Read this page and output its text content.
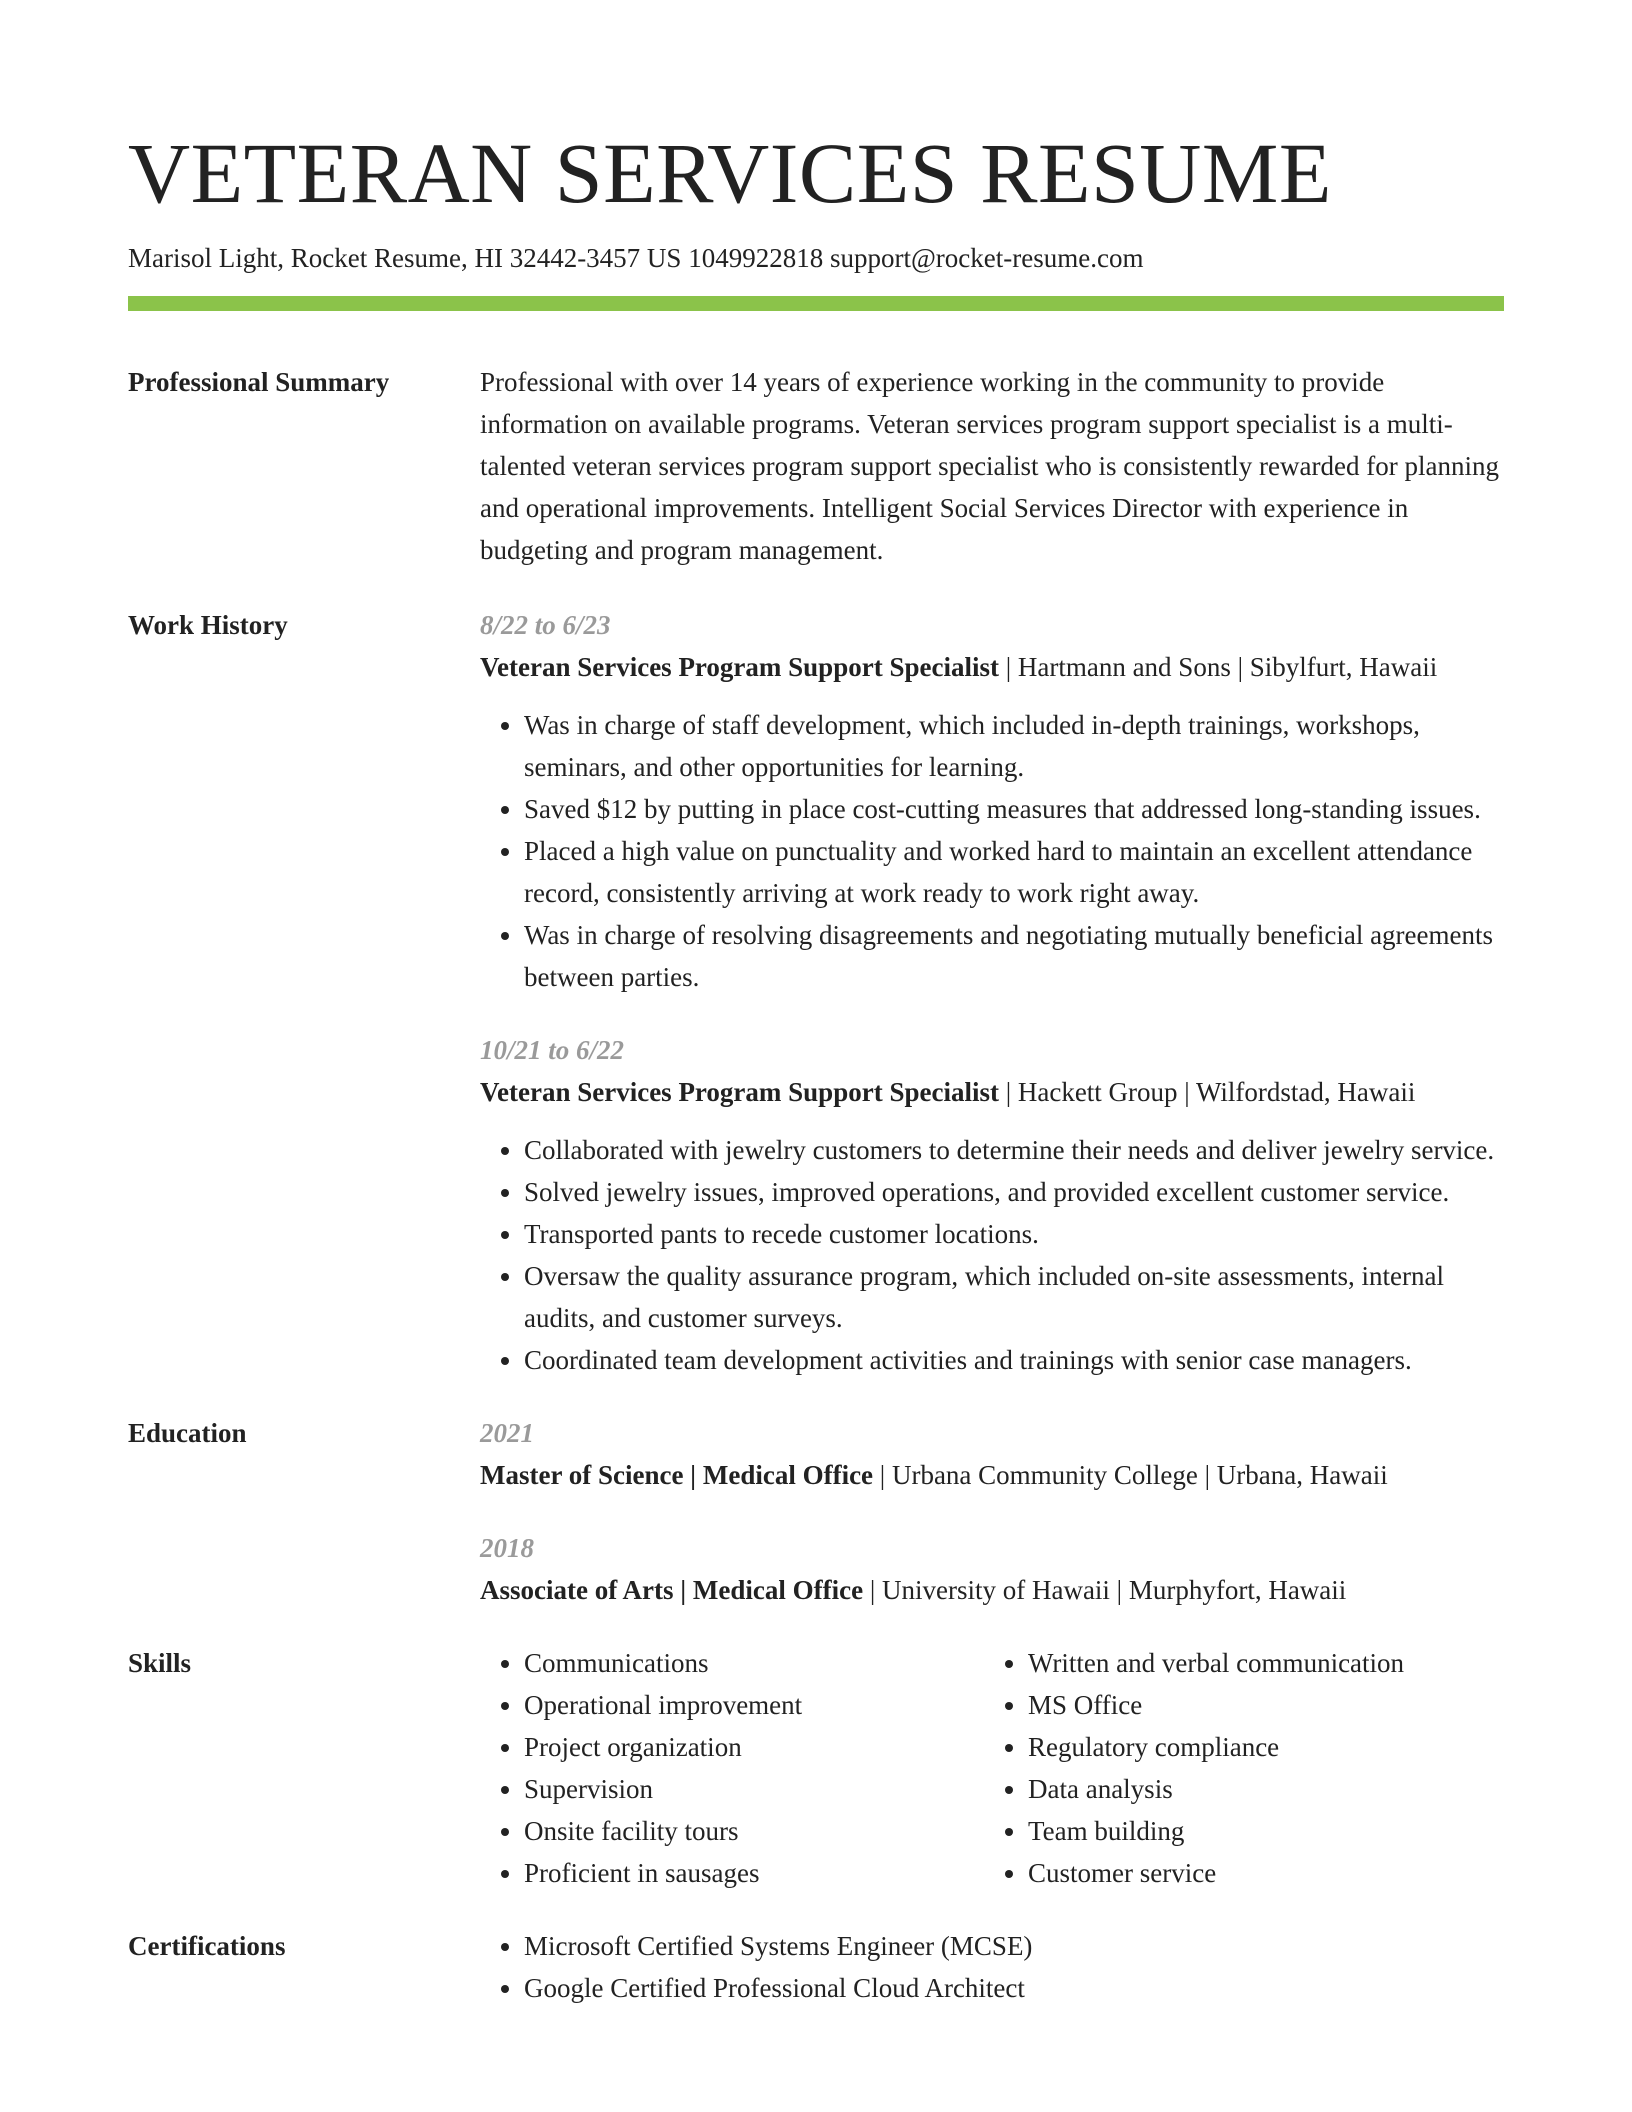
VETERAN SERVICES RESUME
Marisol Light, Rocket Resume, HI 32442-3457 US 1049922818 support@rocket-resume.com
Professional Summary	Professional with over 14 years of experience working in the community to provide information on available programs. Veteran services program support specialist is a multi-talented veteran services program support specialist who is consistently rewarded for planning and operational improvements. Intelligent Social Services Director with experience in budgeting and program management.
Work History	8/22 to 6/23
Veteran Services Program Support Specialist | Hartmann and Sons | Sibylfurt, Hawaii
• Was in charge of staff development, which included in-depth trainings, workshops, seminars, and other opportunities for learning.
• Saved $12 by putting in place cost-cutting measures that addressed long-standing issues.
• Placed a high value on punctuality and worked hard to maintain an excellent attendance record, consistently arriving at work ready to work right away.
• Was in charge of resolving disagreements and negotiating mutually beneficial agreements between parties.
10/21 to 6/22
Veteran Services Program Support Specialist | Hackett Group | Wilfordstad, Hawaii
• Collaborated with jewelry customers to determine their needs and deliver jewelry service.
• Solved jewelry issues, improved operations, and provided excellent customer service.
• Transported pants to recede customer locations.
• Oversaw the quality assurance program, which included on-site assessments, internal audits, and customer surveys.
• Coordinated team development activities and trainings with senior case managers.
Education	2021
Master of Science | Medical Office | Urbana Community College | Urbana, Hawaii
2018
Associate of Arts | Medical Office | University of Hawaii | Murphyfort, Hawaii
Skills	• Communications
• Operational improvement
• Project organization
• Supervision
• Onsite facility tours
• Proficient in sausages
• Written and verbal communication
• MS Office
• Regulatory compliance
• Data analysis
• Team building
• Customer service
Certifications	• Microsoft Certified Systems Engineer (MCSE)
• Google Certified Professional Cloud Architect
